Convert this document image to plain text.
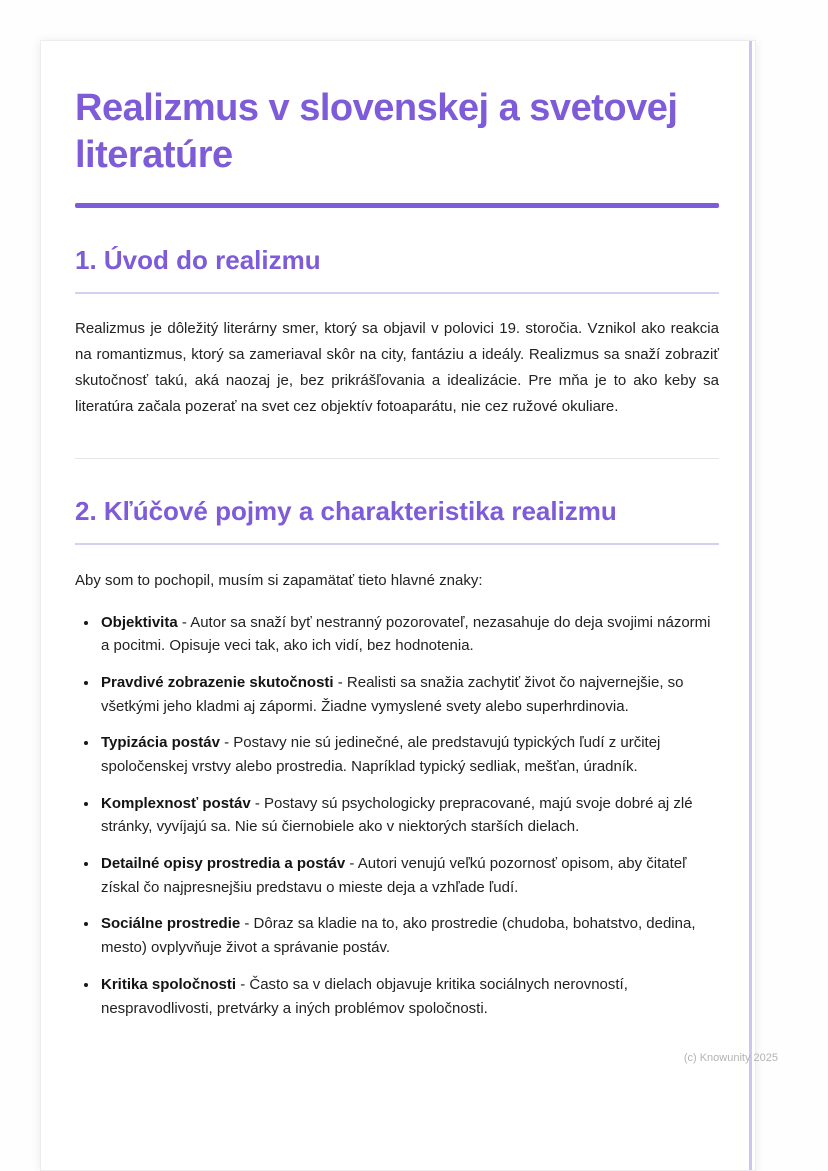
Realizmus v slovenskej a svetovej literatúre
1. Úvod do realizmu

Realizmus je dôležitý literárny smer, ktorý sa objavil v polovici 19. storočia. Vznikol ako reakcia na romantizmus, ktorý sa zameriaval skôr na city, fantáziu a ideály. Realizmus sa snaží zobraziť skutočnosť takú, aká naozaj je, bez prikrášľovania a idealizácie. Pre mňa je to ako keby sa literatúra začala pozerať na svet cez objektív fotoaparátu, nie cez ružové okuliare.

2. Kľúčové pojmy a charakteristika realizmu

Aby som to pochopil, musím si zapamätať tieto hlavné znaky:

• Objektivita - Autor sa snaží byť nestranný pozorovateľ, nezasahuje do deja svojimi názormi a pocitmi. Opisuje veci tak, ako ich vidí, bez hodnotenia.
• Pravdivé zobrazenie skutočnosti - Realisti sa snažia zachytiť život čo najvernejšie, so všetkými jeho kladmi aj zápormi. Žiadne vymyslené svety alebo superhrdinovia.
• Typizácia postáv - Postavy nie sú jedinečné, ale predstavujú typických ľudí z určitej spoločenskej vrstvy alebo prostredia. Napríklad typický sedliak, mešťan, úradník.
• Komplexnosť postáv - Postavy sú psychologicky prepracované, majú svoje dobré aj zlé stránky, vyvíjajú sa. Nie sú čiernobiele ako v niektorých starších dielach.
• Detailné opisy prostredia a postáv - Autori venujú veľkú pozornosť opisom, aby čitateľ získal čo najpresnejšiu predstavu o mieste deja a vzhľade ľudí.
• Sociálne prostredie - Dôraz sa kladie na to, ako prostredie (chudoba, bohatstvo, dedina, mesto) ovplyvňuje život a správanie postáv.
• Kritika spoločnosti - Často sa v dielach objavuje kritika sociálnych nerovností, nespravodlivosti, pretvárky a iných problémov spoločnosti.
(c) Knowunity 2025
